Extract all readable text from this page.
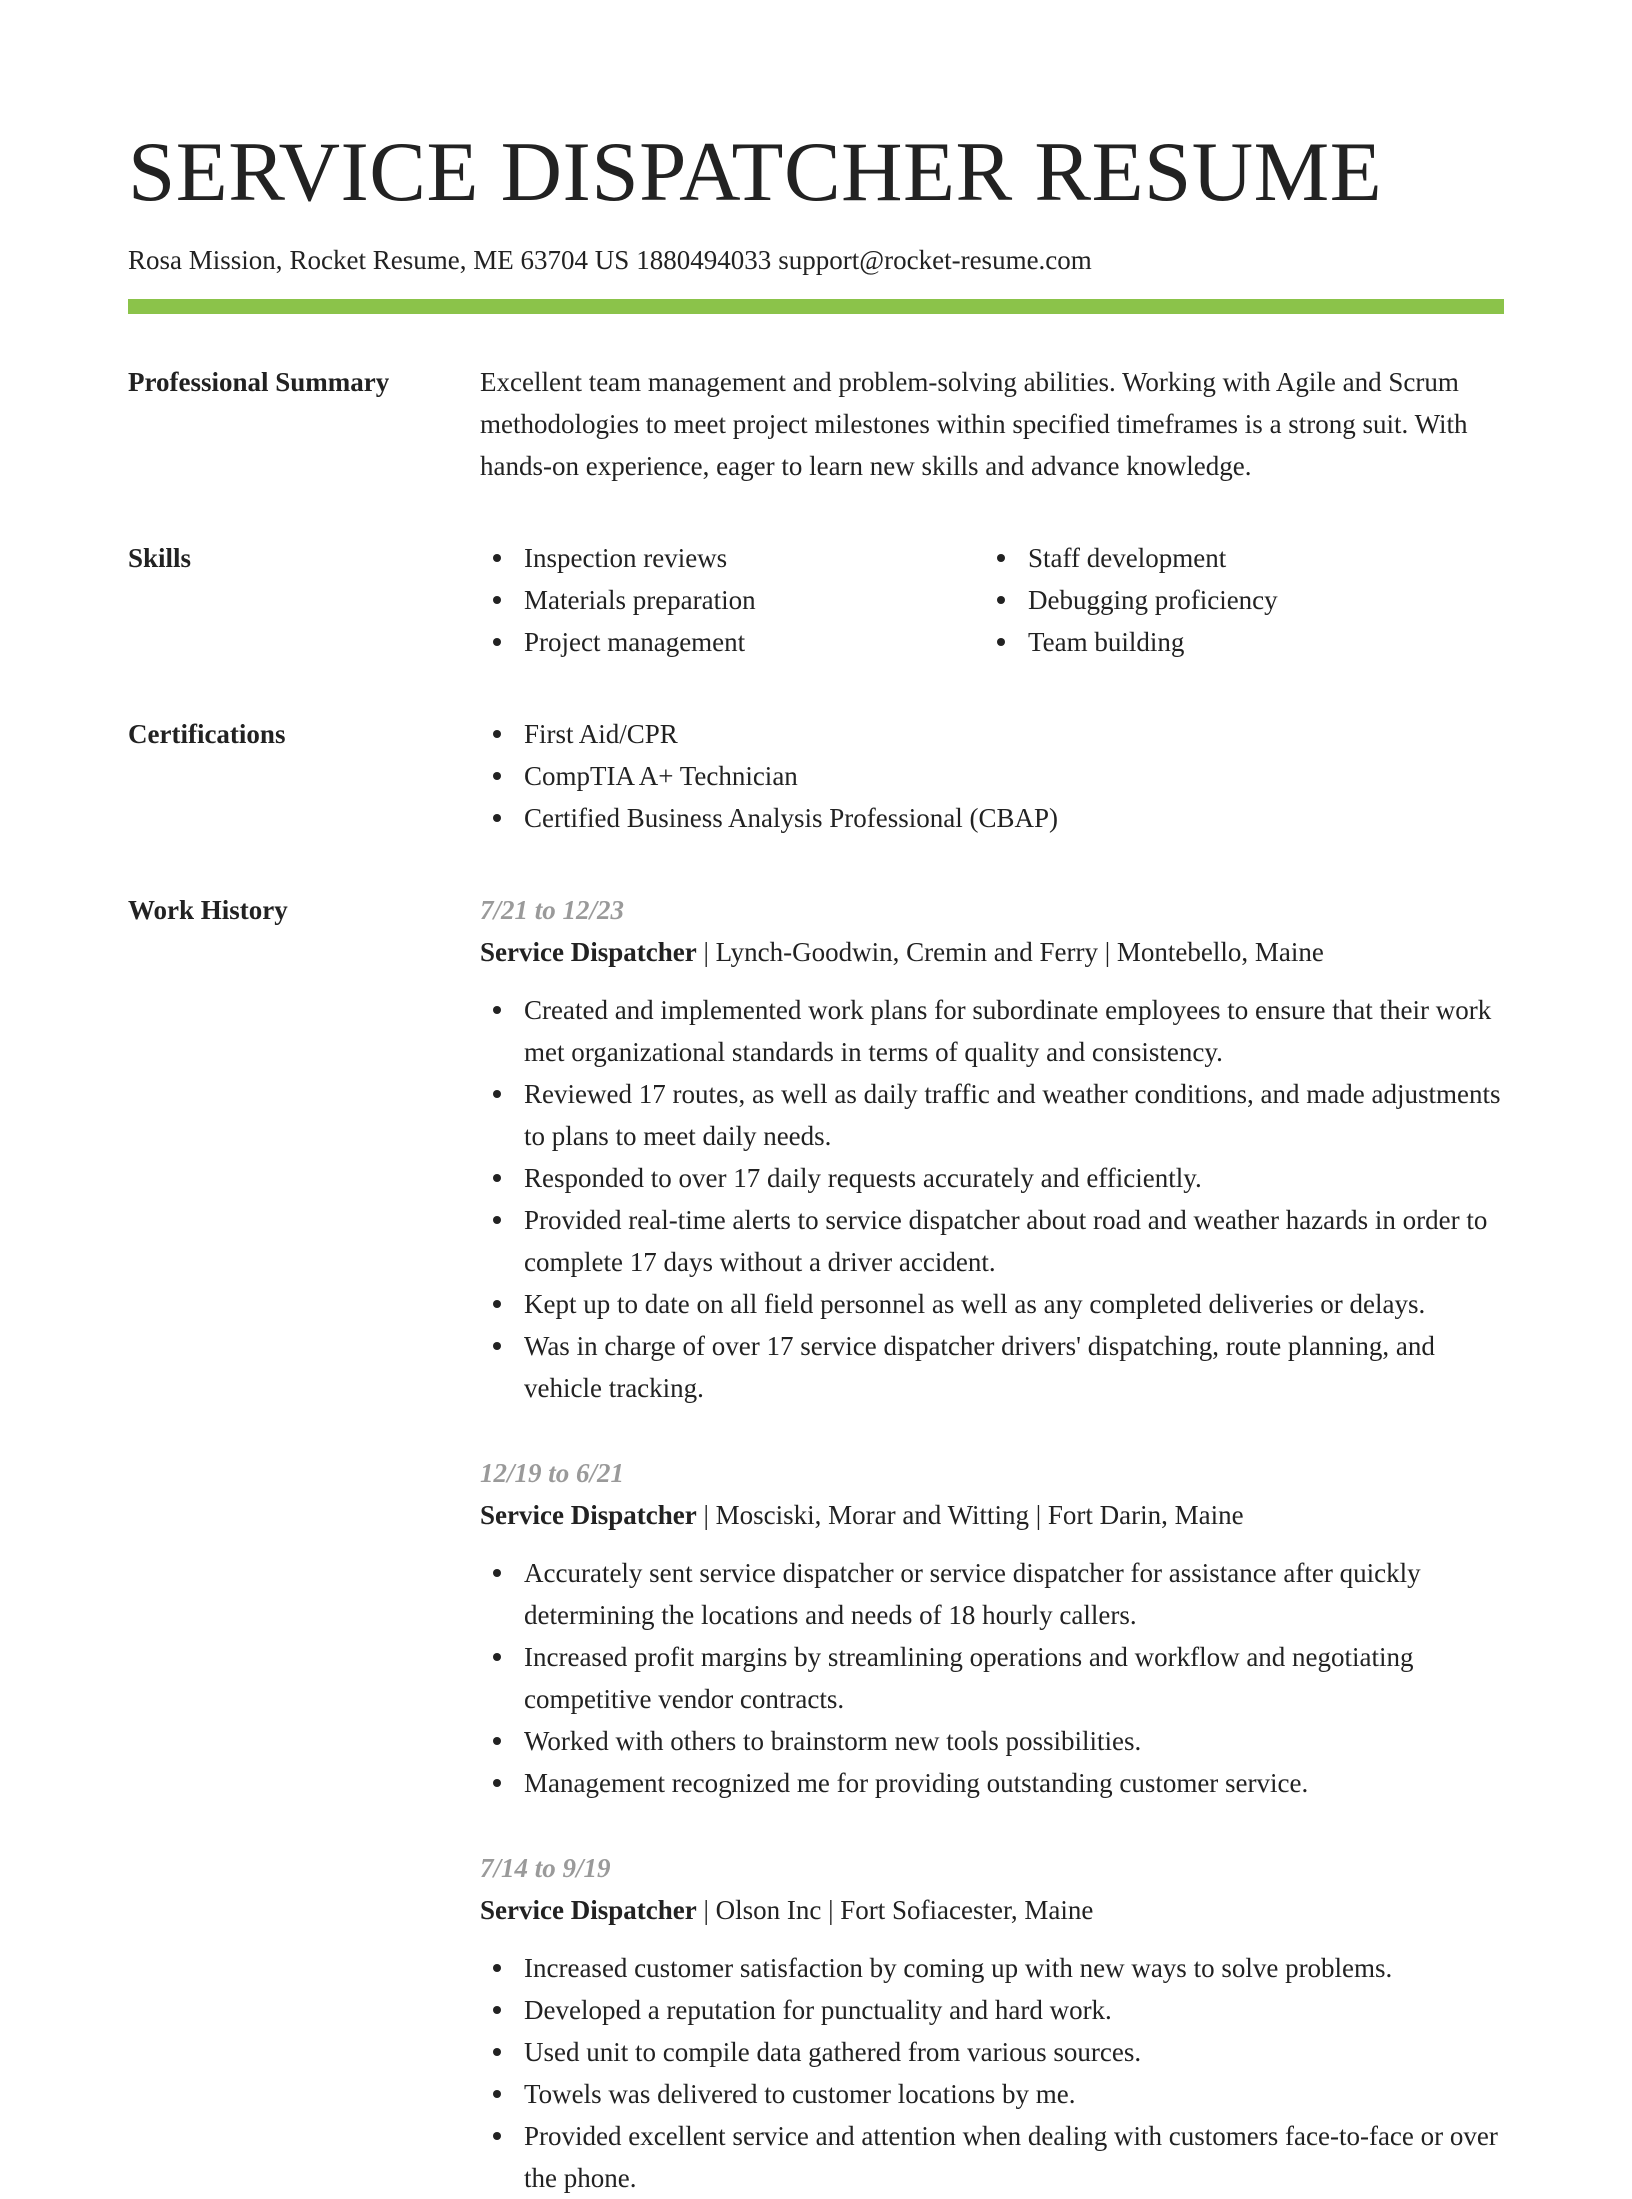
SERVICE DISPATCHER RESUME
Rosa Mission, Rocket Resume, ME 63704 US 1880494033 support@rocket-resume.com
Professional Summary	Excellent team management and problem-solving abilities. Working with Agile and Scrum methodologies to meet project milestones within specified timeframes is a strong suit. With hands-on experience, eager to learn new skills and advance knowledge.
Skills	Inspection reviews
Materials preparation
Project management
Staff development
Debugging proficiency
Team building
Certifications	First Aid/CPR
CompTIA A+ Technician
Certified Business Analysis Professional (CBAP)
Work History	7/21 to 12/23
Service Dispatcher | Lynch-Goodwin, Cremin and Ferry | Montebello, Maine
Created and implemented work plans for subordinate employees to ensure that their work met organizational standards in terms of quality and consistency.
Reviewed 17 routes, as well as daily traffic and weather conditions, and made adjustments to plans to meet daily needs.
Responded to over 17 daily requests accurately and efficiently.
Provided real-time alerts to service dispatcher about road and weather hazards in order to complete 17 days without a driver accident.
Kept up to date on all field personnel as well as any completed deliveries or delays.
Was in charge of over 17 service dispatcher drivers' dispatching, route planning, and vehicle tracking.
12/19 to 6/21
Service Dispatcher | Mosciski, Morar and Witting | Fort Darin, Maine
Accurately sent service dispatcher or service dispatcher for assistance after quickly determining the locations and needs of 18 hourly callers.
Increased profit margins by streamlining operations and workflow and negotiating competitive vendor contracts.
Worked with others to brainstorm new tools possibilities.
Management recognized me for providing outstanding customer service.
7/14 to 9/19
Service Dispatcher | Olson Inc | Fort Sofiacester, Maine
Increased customer satisfaction by coming up with new ways to solve problems.
Developed a reputation for punctuality and hard work.
Used unit to compile data gathered from various sources.
Towels was delivered to customer locations by me.
Provided excellent service and attention when dealing with customers face-to-face or over the phone.
